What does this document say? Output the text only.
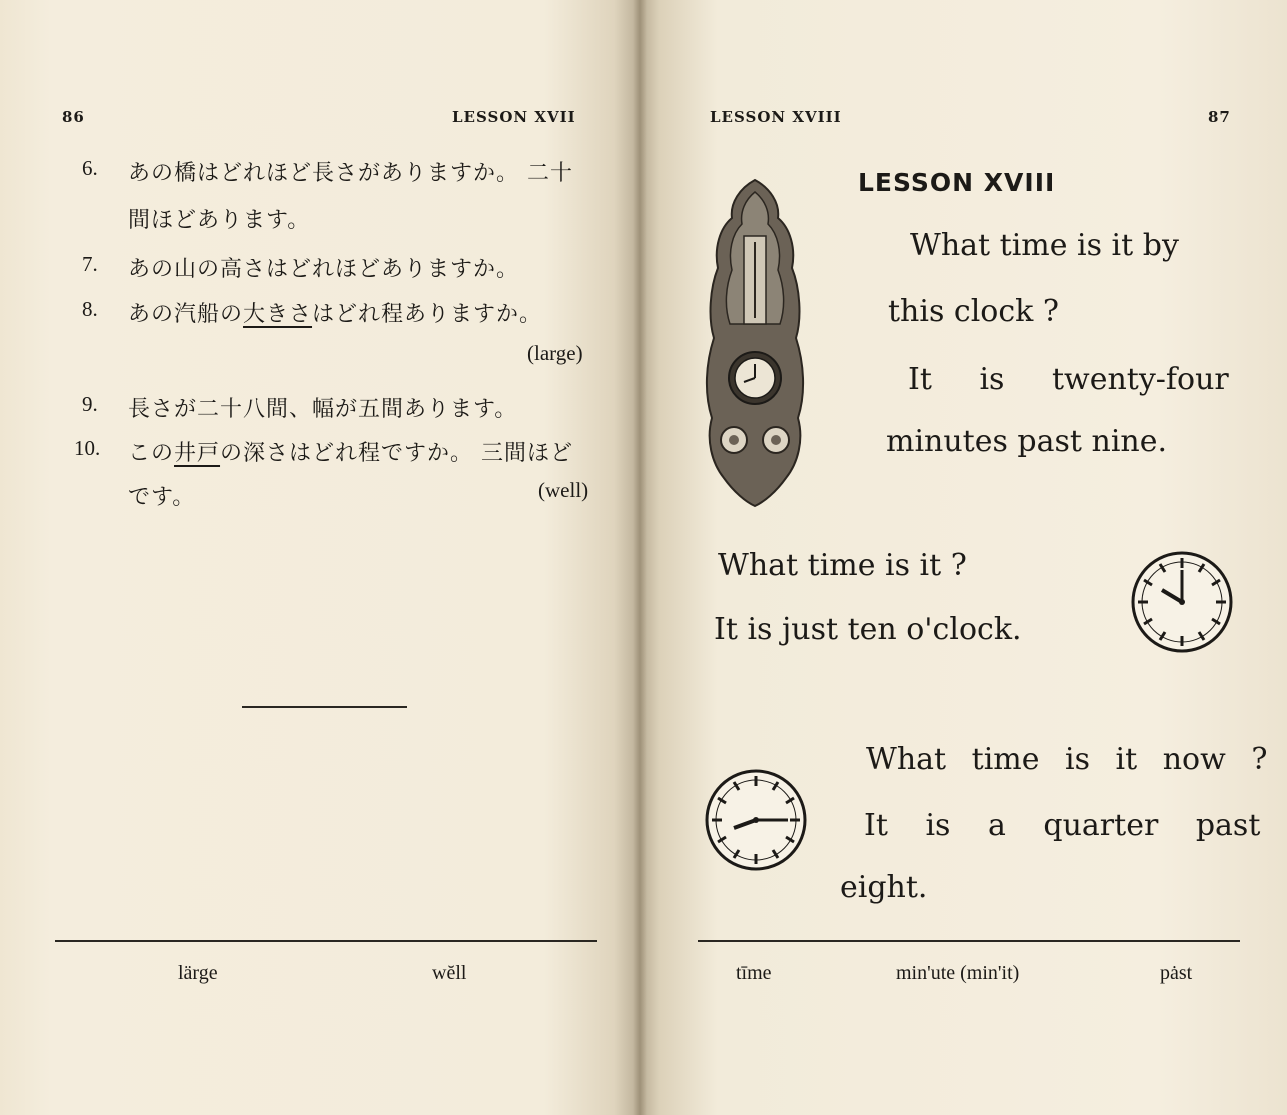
86	LESSON XVII
6. あの橋はどれほど長さがありますか。 二十
間ほどあります。
7. あの山の高さはどれほどありますか。
8. あの汽船の大きさはどれ程ありますか。
(large)
9. 長さが二十八間、幅が五間あります。
10. この井戸の深さはどれ程ですか。 三間ほど
です。	(well)
lärge	wĕll
LESSON XVIII	87
LESSON XVIII
What time is it by
this clock ?
It is twenty-four
minutes past nine.
What time is it ?
It is just ten o'clock.
What time is it now ?
It is a quarter past
eight.
tīme	min'ute (min'it)	pȧst
